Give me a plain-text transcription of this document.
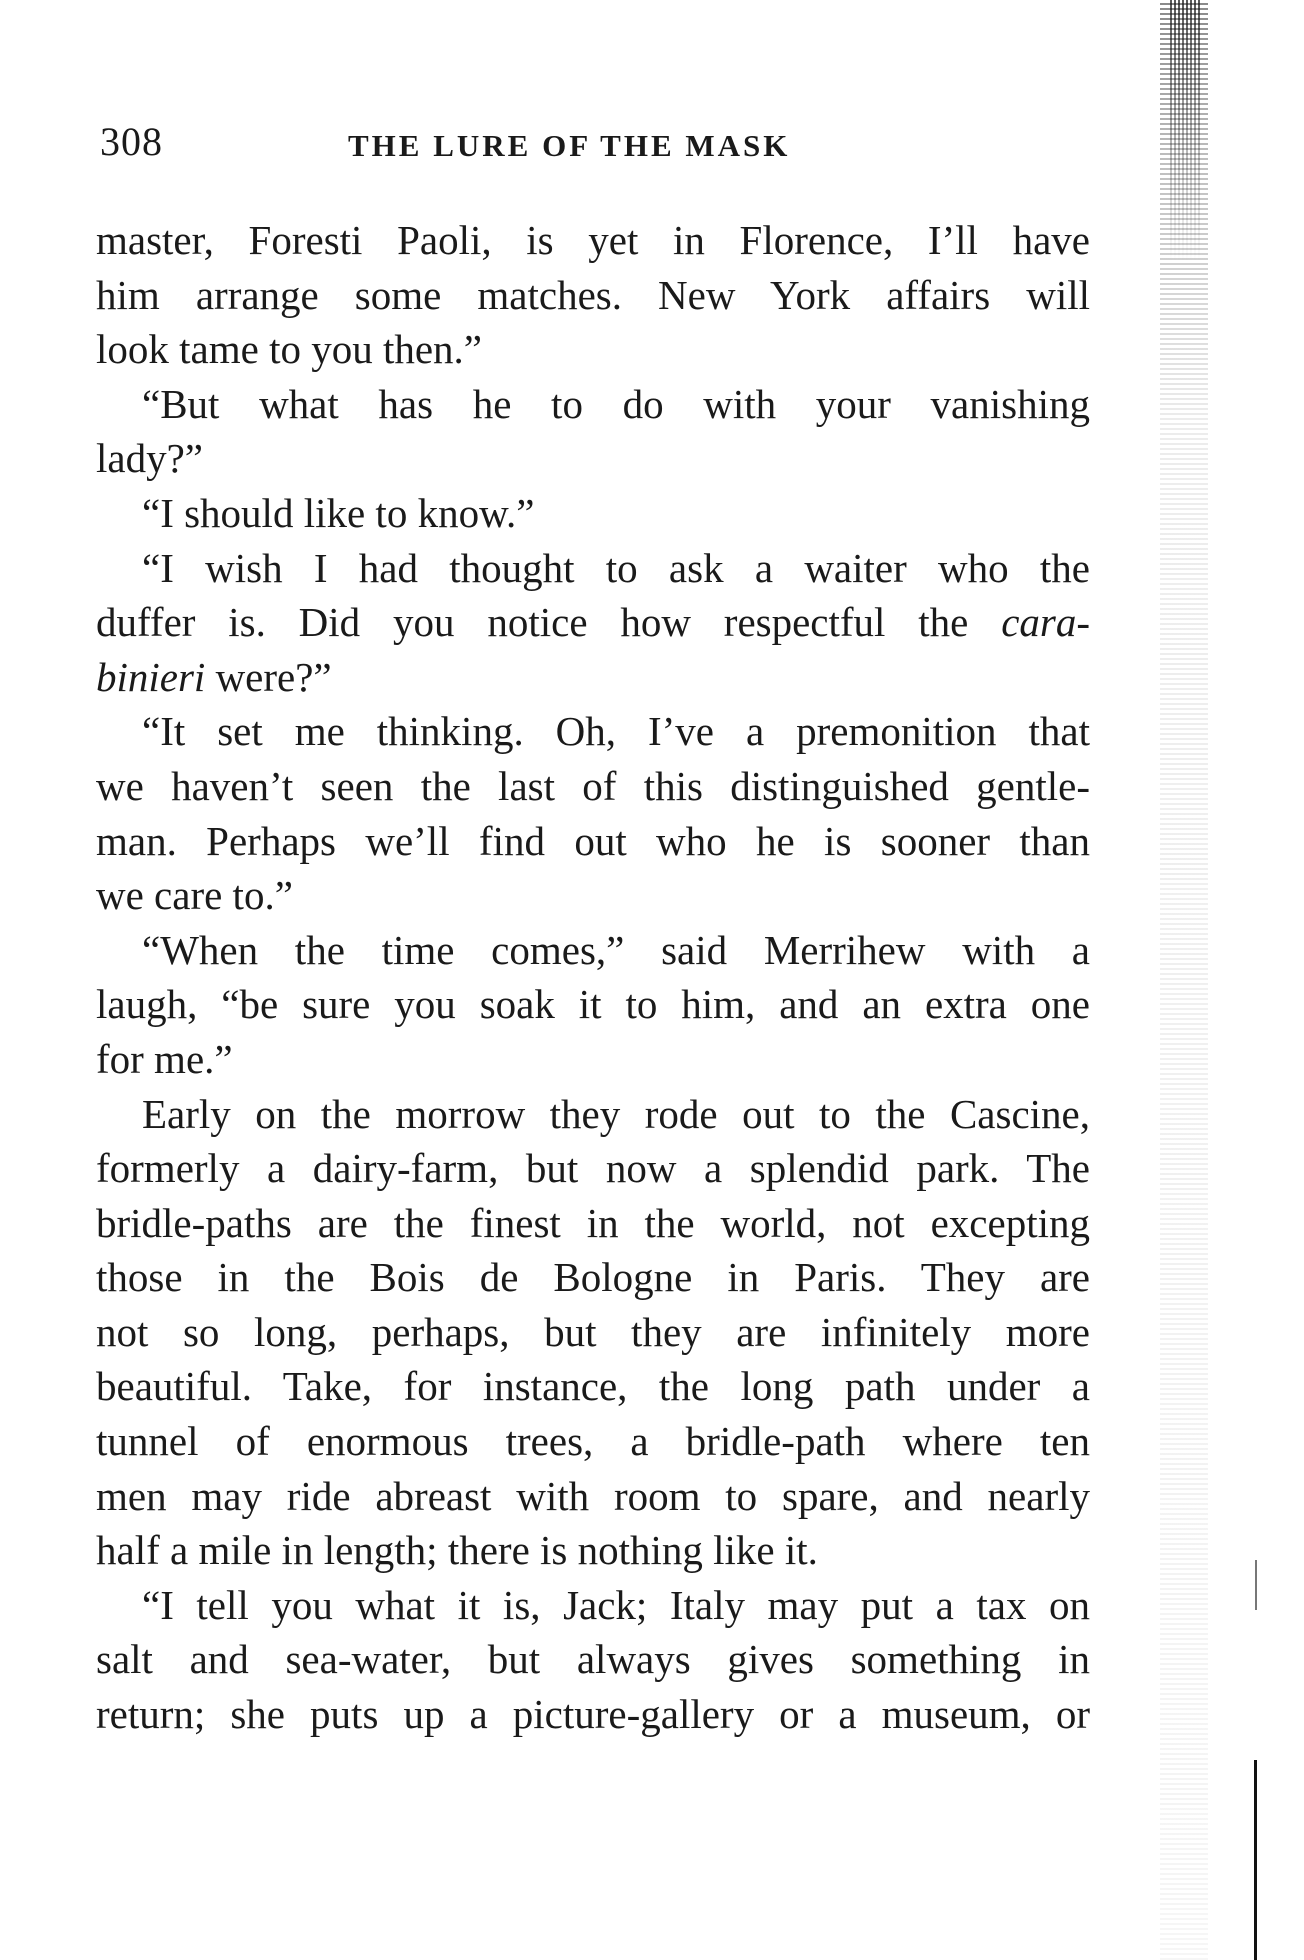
308	THE LURE OF THE MASK
master, Foresti Paoli, is yet in Florence, I’ll have
him arrange some matches. New York affairs will
look tame to you then.”
“But what has he to do with your vanishing
lady?”
“I should like to know.”
“I wish I had thought to ask a waiter who the
duffer is. Did you notice how respectful the cara-
binieri were?”
“It set me thinking. Oh, I’ve a premonition that
we haven’t seen the last of this distinguished gentle-
man. Perhaps we’ll find out who he is sooner than
we care to.”
“When the time comes,” said Merrihew with a
laugh, “be sure you soak it to him, and an extra one
for me.”
Early on the morrow they rode out to the Cascine,
formerly a dairy-farm, but now a splendid park. The
bridle-paths are the finest in the world, not excepting
those in the Bois de Bologne in Paris. They are
not so long, perhaps, but they are infinitely more
beautiful. Take, for instance, the long path under a
tunnel of enormous trees, a bridle-path where ten
men may ride abreast with room to spare, and nearly
half a mile in length; there is nothing like it.
“I tell you what it is, Jack; Italy may put a tax on
salt and sea-water, but always gives something in
return; she puts up a picture-gallery or a museum, or
